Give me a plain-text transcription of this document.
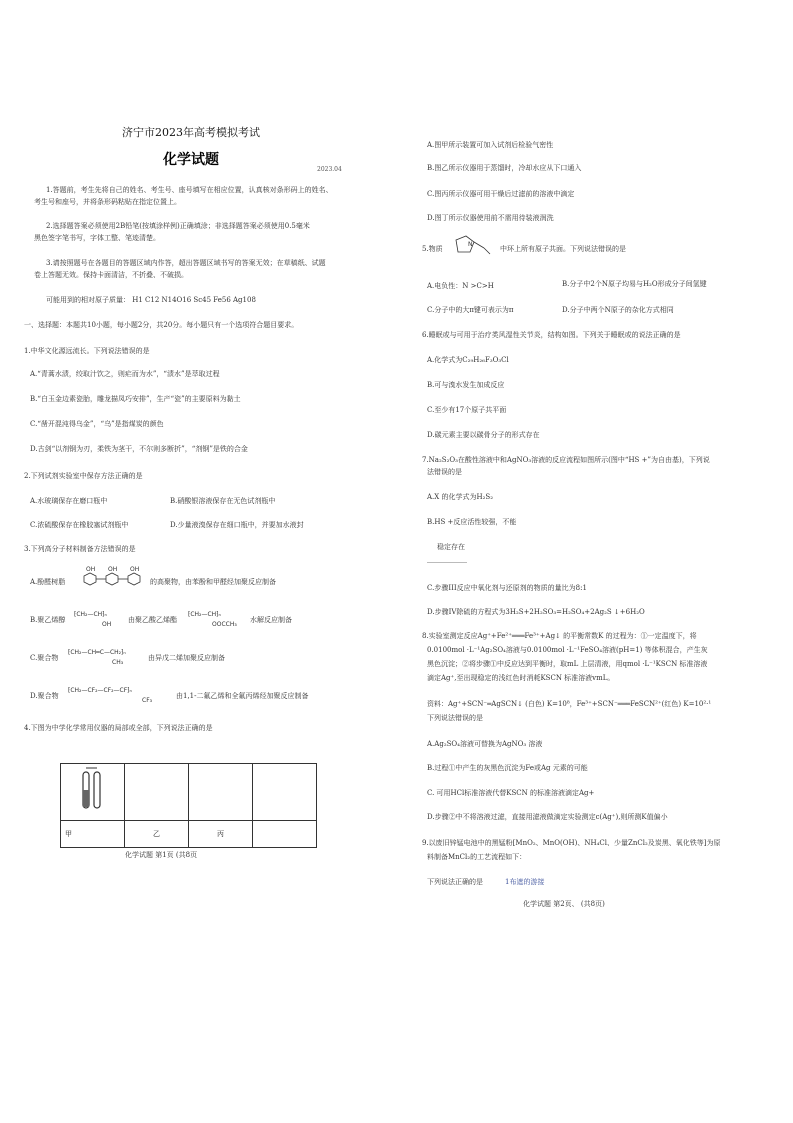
济宁市2023年高考模拟考试
化学试题
2023.04
1.答题前，考生先将自己的姓名、考生号、座号填写在相应位置，认真核对条形码上的姓名、
考生号和座号，并将条形码粘贴在指定位置上。
2.选择题答案必须使用2B铅笔(按填涂样例)正确填涂；非选择题答案必须使用0.5毫米
黑色签字笔书写，字体工整、笔迹清楚。
3.请按照题号在各题目的答题区域内作答，超出答题区域书写的答案无效；在草稿纸、试题
卷上答题无效。保持卡面清洁，不折叠、不破损。
可能用到的相对原子质量： H1 C12 N14O16 Sc45 Fe56 Ag108
一、选择题：本题共10小题，每小题2分，共20分。每小题只有一个选项符合题目要求。
1.中华文化源远流长。下列说法错误的是
A.“青蒿水渍，绞取汁饮之，则疟而为水”，“渍水”是萃取过程
B.“白玉金边素瓷胎，雕龙描凤巧安排”，生产“瓷”的主要原料为黏土
C.“凿开混沌得乌金”，“乌”是指煤炭的颜色
D.古剑“以剂钢为刃，柔铁为茎干，不尔则多断折”，“剂钢”是铁的合金
2.下列试剂实验室中保存方法正确的是
A.水玻璃保存在磨口瓶中	B.硝酸银溶液保存在无色试剂瓶中
C.浓硫酸保存在橡胶塞试剂瓶中	D.少量液溴保存在细口瓶中，并要加水液封
3.下列高分子材料制备方法错误的是
A.酚醛树脂
OH OH OH
的高聚物，由苯酚和甲醛经加聚反应制备
B.聚乙烯醇
⁅CH₂—CH⁆ₙ
OH
由聚乙酸乙烯酯
⁅CH₂—CH⁆ₙ
OOCCH₃
水解反应制备
C.聚合物
⁅CH₂—CH═C—CH₂⁆ₙ
CH₃
由异戊二烯加聚反应制备
D.聚合物
⁅CH₂—CF₂—CF₂—CF⁆ₙ
CF₃
由1,1-二氟乙烯和全氟丙烯经加聚反应制备
4.下图为中学化学常用仪器的局部或全部，下列说法正确的是

甲	乙	丙	
化学试题 第1页 (共8页
A.图甲所示装置可加入试剂后检验气密性
B.图乙所示仪器用于蒸馏时，冷却水应从下口通入
C.图丙所示仪器可用干燥后过滤前的溶液中滴定
D.图丁所示仪器使用前不需用待装液润洗
5.物质
N
中环上所有原子共面。下列说法错误的是
A.电负性：N >C>H	B.分子中2个N原子均易与H₂O形成分子间氢键
C.分子中的大π键可表示为π	D.分子中两个N原子的杂化方式相同
6.睡眠或与可用于治疗类风湿性关节炎，结构如图。下列关于睡眠或的说法正确的是
A.化学式为C₂₉H₂₆F₃O₃Cl
B.可与溴水发生加成反应
C.至少有17个原子共平面
D.碳元素主要以碳骨分子的形式存在
7.Na₂S₂O₃在酸性溶液中和AgNO₃溶液的反应流程如图所示(图中“HS +”为自由基)，下列说
法错误的是
A.X 的化学式为H₂S₂
B.HS +反应活性较强，不能
稳定存在
C.步骤III反应中氧化剂与还原剂的物质的量比为8:1
D.步骤IV除硫的方程式为3H₂S+2H₂SO₃=H₂SO₄+2Ag₂S ↓+6H₂O
8.实验室测定反应Ag⁺+Fe²⁺═══Fe³⁺+Ag↓ 的平衡常数K 的过程为：①一定温度下，将
0.0100mol ·L⁻¹Ag₂SO₄溶液与0.0100mol ·L⁻¹FeSO₄溶液(pH=1) 等体积混合，产生灰
黑色沉淀；②将步骤①中反应达到平衡时，取mL 上层清液，用qmol ·L⁻¹KSCN 标准溶液
滴定Ag⁺,至出现稳定的浅红色时消耗KSCN 标准溶液vmL。
资料：Ag⁺+SCN⁻═AgSCN↓ (白色) K=10⁸，Fe³⁺+SCN⁻═══FeSCN²⁺(红色) K=10²·¹
下列说法错误的是
A.Ag₂SO₄溶液可替换为AgNO₃ 溶液
B.过程①中产生的灰黑色沉淀为Fe或Ag 元素的可能
C. 可用HCl标准溶液代替KSCN 的标准溶液滴定Ag+
D.步骤②中不将溶液过滤，直接用滤液做滴定实验测定c(Ag⁺),则所测K值偏小
9.以废旧锌锰电池中的黑锰粉[MnO₂、MnO(OH)、NH₄Cl、少量ZnCl₂及炭黑、氧化铁等]为原
料制备MnCl₂的工艺流程如下：
下列说法正确的是	1布遮的游接
化学试题 第2页、 (共8页)
